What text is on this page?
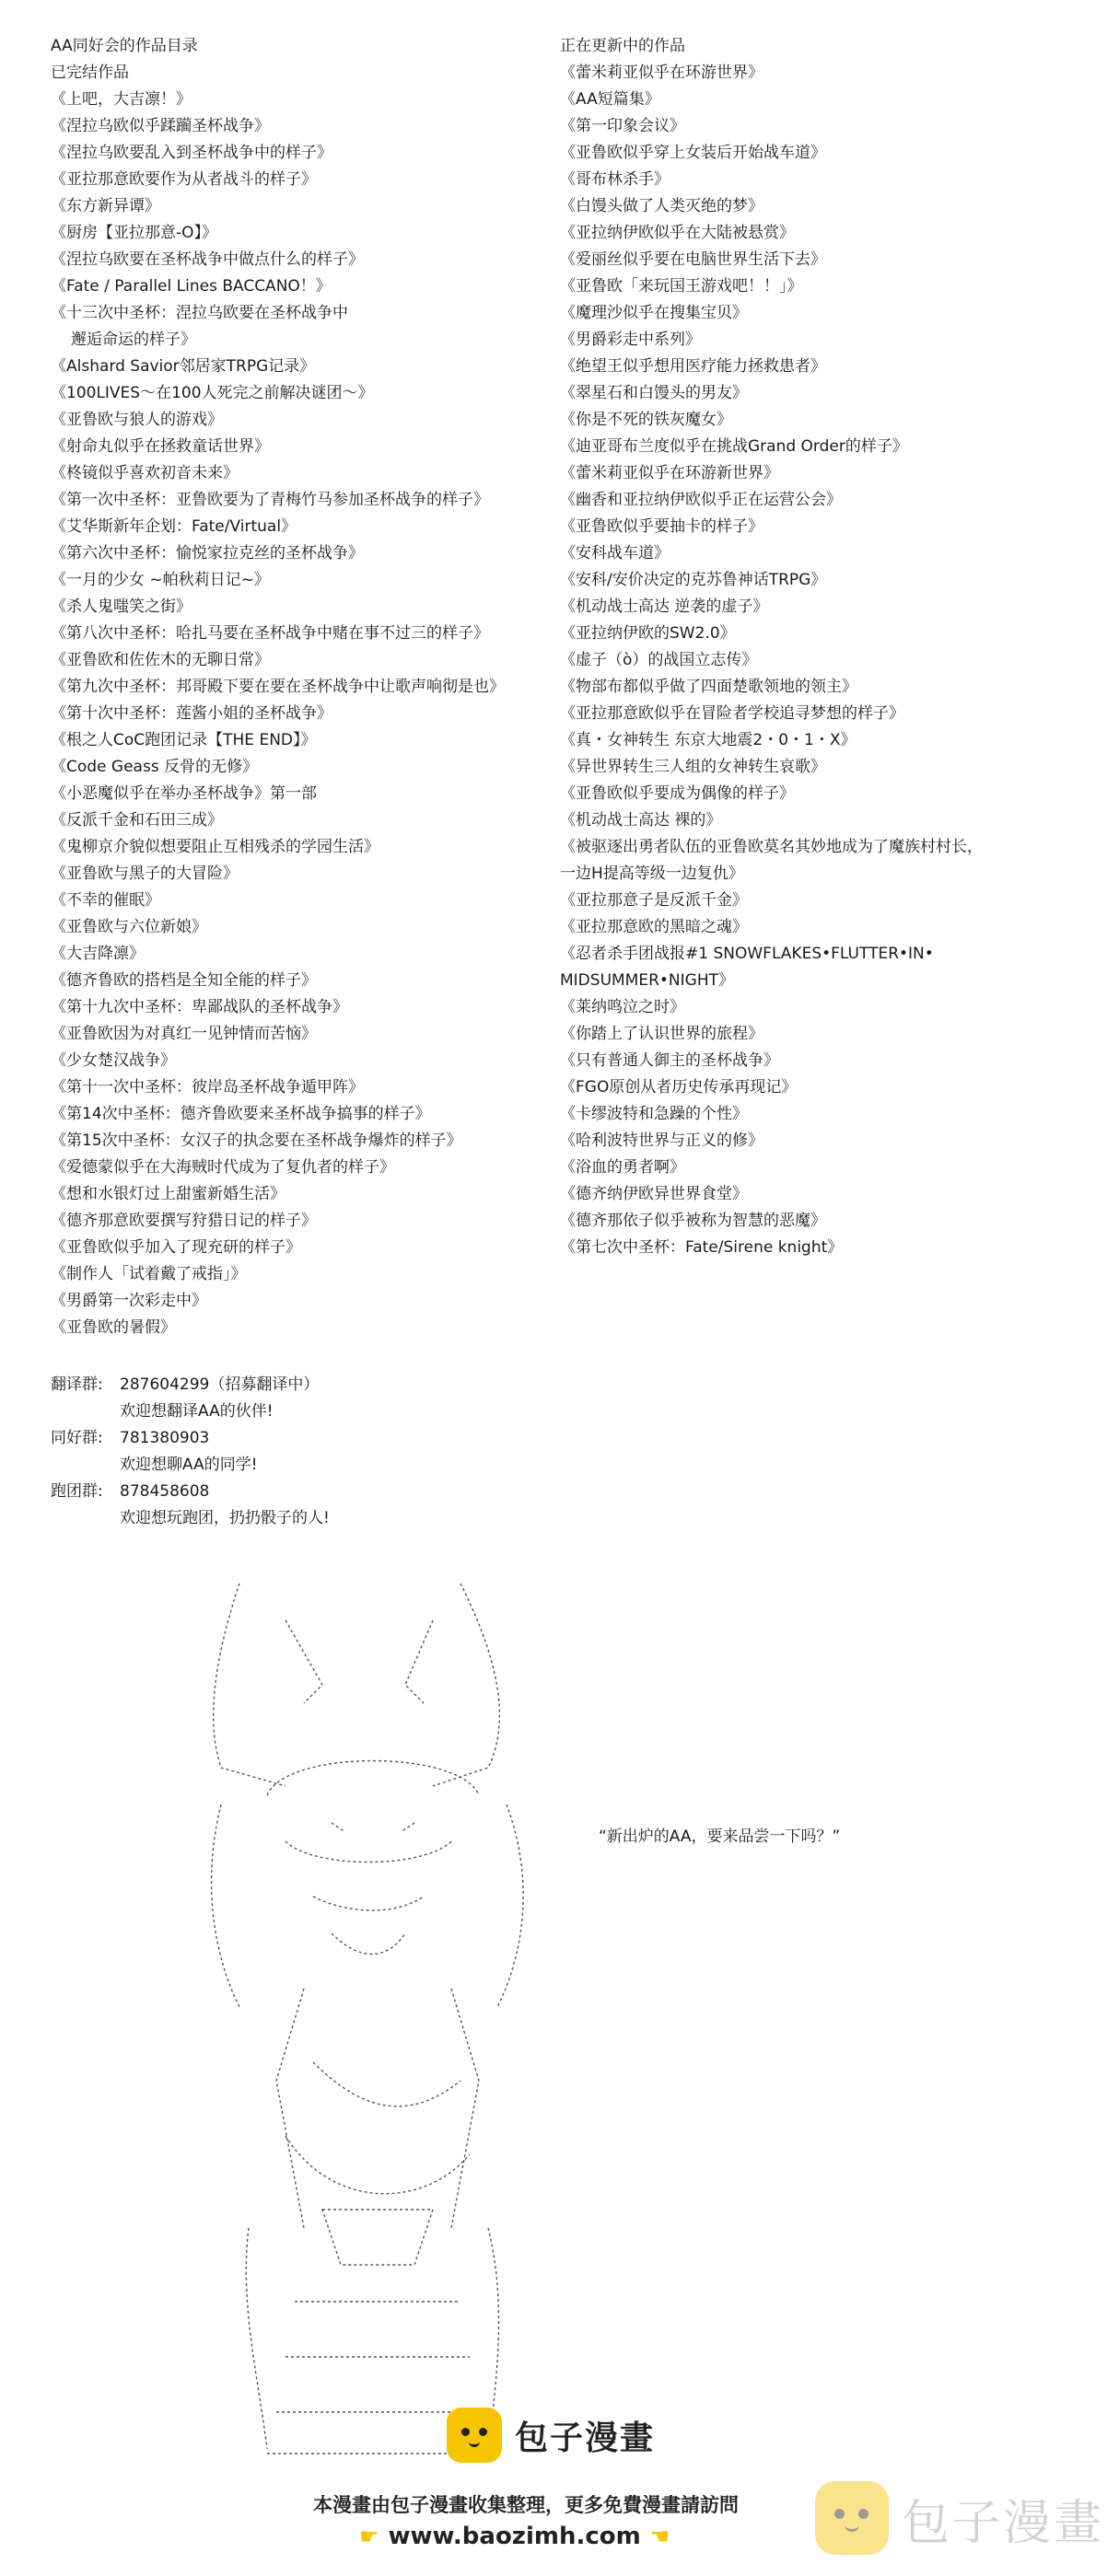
AA同好会的作品目录
已完结作品
《上吧，大吉凛！》
《涅拉乌欧似乎蹂躏圣杯战争》
《涅拉乌欧要乱入到圣杯战争中的样子》
《亚拉那意欧要作为从者战斗的样子》
《东方新异谭》
《厨房【亚拉那意-O】》
《涅拉乌欧要在圣杯战争中做点什么的样子》
《Fate / Parallel Lines BACCANO！》
《十三次中圣杯：涅拉乌欧要在圣杯战争中
邂逅命运的样子》
《Alshard Savior邻居家TRPG记录》
《100LIVES～在100人死完之前解决谜团～》
《亚鲁欧与狼人的游戏》
《射命丸似乎在拯救童话世界》
《柊镜似乎喜欢初音未来》
《第一次中圣杯：亚鲁欧要为了青梅竹马参加圣杯战争的样子》
《艾华斯新年企划：Fate/Virtual》
《第六次中圣杯：愉悦家拉克丝的圣杯战争》
《一月的少女 ~帕秋莉日记~》
《杀人鬼嗤笑之街》
《第八次中圣杯：哈扎马要在圣杯战争中赌在事不过三的样子》
《亚鲁欧和佐佐木的无聊日常》
《第九次中圣杯：邦哥殿下要在要在圣杯战争中让歌声响彻是也》
《第十次中圣杯：莲酱小姐的圣杯战争》
《根之人CoC跑团记录【THE END】》
《Code Geass 反骨的无修》
《小恶魔似乎在举办圣杯战争》第一部
《反派千金和石田三成》
《鬼柳京介貌似想要阻止互相残杀的学园生活》
《亚鲁欧与黑子的大冒险》
《不幸的催眠》
《亚鲁欧与六位新娘》
《大吉降凛》
《德齐鲁欧的搭档是全知全能的样子》
《第十九次中圣杯：卑鄙战队的圣杯战争》
《亚鲁欧因为对真红一见钟情而苦恼》
《少女楚汉战争》
《第十一次中圣杯：彼岸岛圣杯战争遁甲阵》
《第14次中圣杯：德齐鲁欧要来圣杯战争搞事的样子》
《第15次中圣杯：女汉子的执念要在圣杯战争爆炸的样子》
《爱德蒙似乎在大海贼时代成为了复仇者的样子》
《想和水银灯过上甜蜜新婚生活》
《德齐那意欧要撰写狩猎日记的样子》
《亚鲁欧似乎加入了现充研的样子》
《制作人「试着戴了戒指」》
《男爵第一次彩走中》
《亚鲁欧的暑假》
正在更新中的作品
《蕾米莉亚似乎在环游世界》
《AA短篇集》
《第一印象会议》
《亚鲁欧似乎穿上女装后开始战车道》
《哥布林杀手》
《白馒头做了人类灭绝的梦》
《亚拉纳伊欧似乎在大陆被悬赏》
《爱丽丝似乎要在电脑世界生活下去》
《亚鲁欧「来玩国王游戏吧！！」》
《魔理沙似乎在搜集宝贝》
《男爵彩走中系列》
《绝望王似乎想用医疗能力拯救患者》
《翠星石和白馒头的男友》
《你是不死的铁灰魔女》
《迪亚哥布兰度似乎在挑战Grand Order的样子》
《蕾米莉亚似乎在环游新世界》
《幽香和亚拉纳伊欧似乎正在运营公会》
《亚鲁欧似乎要抽卡的样子》
《安科战车道》
《安科/安价决定的克苏鲁神话TRPG》
《机动战士高达 逆袭的虚子》
《亚拉纳伊欧的SW2.0》
《虚子（ò）的战国立志传》
《物部布都似乎做了四面楚歌领地的领主》
《亚拉那意欧似乎在冒险者学校追寻梦想的样子》
《真・女神转生 东京大地震2・0・1・X》
《异世界转生三人组的女神转生哀歌》
《亚鲁欧似乎要成为偶像的样子》
《机动战士高达 裸的》
《被驱逐出勇者队伍的亚鲁欧莫名其妙地成为了魔族村村长，
一边H提高等级一边复仇》
《亚拉那意子是反派千金》
《亚拉那意欧的黑暗之魂》
《忍者杀手团战报#1 SNOWFLAKES•FLUTTER•IN•
MIDSUMMER•NIGHT》
《莱纳鸣泣之时》
《你踏上了认识世界的旅程》
《只有普通人御主的圣杯战争》
《FGO原创从者历史传承再现记》
《卡缪波特和急躁的个性》
《哈利波特世界与正义的修》
《浴血的勇者啊》
《德齐纳伊欧异世界食堂》
《德齐那依子似乎被称为智慧的恶魔》
《第七次中圣杯：Fate/Sirene knight》
翻译群:	287604299（招募翻译中）
欢迎想翻译AA的伙伴!
同好群:	781380903
欢迎想聊AA的同学!
跑团群:	878458608
欢迎想玩跑团，扔扔骰子的人!
“新出炉的AA，要来品尝一下吗？”
包子漫畫
本漫畫由包子漫畫收集整理，更多免費漫畫請訪問
☛ www.baozimh.com ☚	包子漫畫
